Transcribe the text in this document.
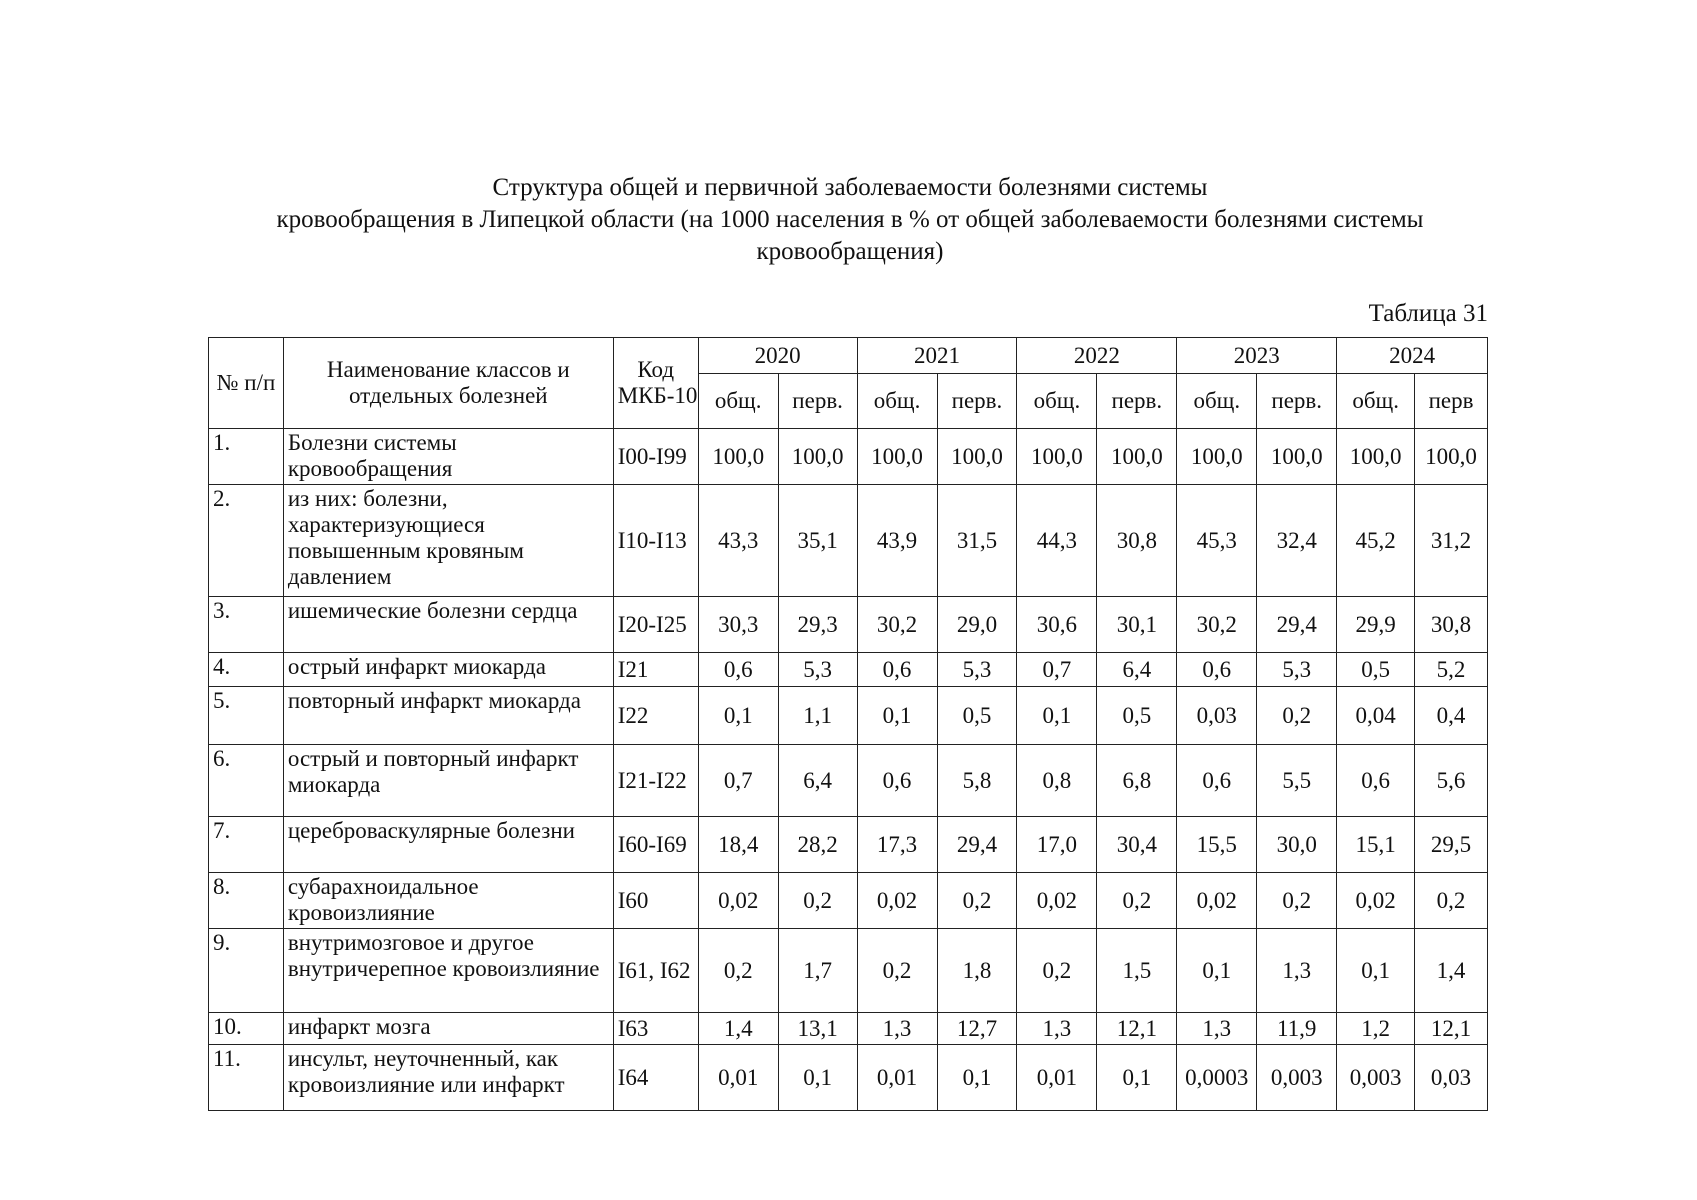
Структура общей и первичной заболеваемости болезнями системы
кровообращения в Липецкой области (на 1000 населения в % от общей заболеваемости болезнями системы
кровообращения)
Таблица 31
№ п/п	Наименование классов и отдельных болезней	Код МКБ-10	2020		2021		2022		2023		2024	
			общ.	перв.	общ.	перв.	общ.	перв.	общ.	перв.	общ.	перв
1.	Болезни системы кровообращения	I00-I99	100,0	100,0	100,0	100,0	100,0	100,0	100,0	100,0	100,0	100,0
2.	из них: болезни, характеризующиеся повышенным кровяным давлением	I10-I13	43,3	35,1	43,9	31,5	44,3	30,8	45,3	32,4	45,2	31,2
3.	ишемические болезни сердца	I20-I25	30,3	29,3	30,2	29,0	30,6	30,1	30,2	29,4	29,9	30,8
4.	острый инфаркт миокарда	I21	0,6	5,3	0,6	5,3	0,7	6,4	0,6	5,3	0,5	5,2
5.	повторный инфаркт миокарда	I22	0,1	1,1	0,1	0,5	0,1	0,5	0,03	0,2	0,04	0,4
6.	острый и повторный инфаркт миокарда	I21-I22	0,7	6,4	0,6	5,8	0,8	6,8	0,6	5,5	0,6	5,6
7.	цереброваскулярные болезни	I60-I69	18,4	28,2	17,3	29,4	17,0	30,4	15,5	30,0	15,1	29,5
8.	субарахноидальное кровоизлияние	I60	0,02	0,2	0,02	0,2	0,02	0,2	0,02	0,2	0,02	0,2
9.	внутримозговое и другое внутричерепное кровоизлияние	I61, I62	0,2	1,7	0,2	1,8	0,2	1,5	0,1	1,3	0,1	1,4
10.	инфаркт мозга	I63	1,4	13,1	1,3	12,7	1,3	12,1	1,3	11,9	1,2	12,1
11.	инсульт, неуточненный, как кровоизлияние или инфаркт	I64	0,01	0,1	0,01	0,1	0,01	0,1	0,0003	0,003	0,003	0,03
